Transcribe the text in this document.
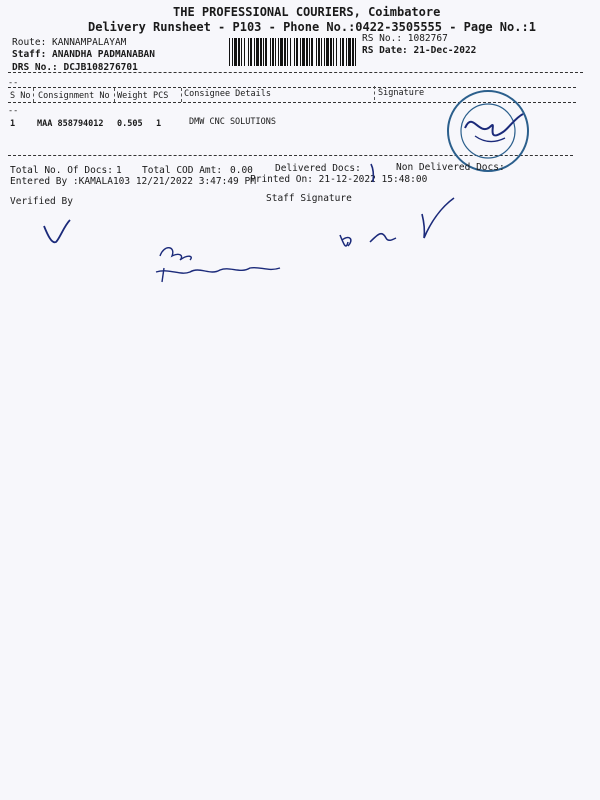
THE PROFESSIONAL COURIERS, Coimbatore
Delivery Runsheet - P103 - Phone No.:0422-3505555 - Page No.:1
Route: KANNAMPALAYAM
Staff: ANANDHA PADMANABAN
DRS No.: DCJB108276701
RS No.: 1082767
RS Date: 21-Dec-2022
--
S No Consignment No Weight PCS Consignee Details	Signature
--
1	MAA 858794012 0.505 1	DMW CNC SOLUTIONS
Total No. Of Docs: 1 Total COD Amt: 0.00 Delivered Docs:	Non Delivered Docs:
Entered By :KAMALA103 12/21/2022 3:47:49 PM
Printed On: 21-12-2022 15:48:00
Verified By	Staff Signature
